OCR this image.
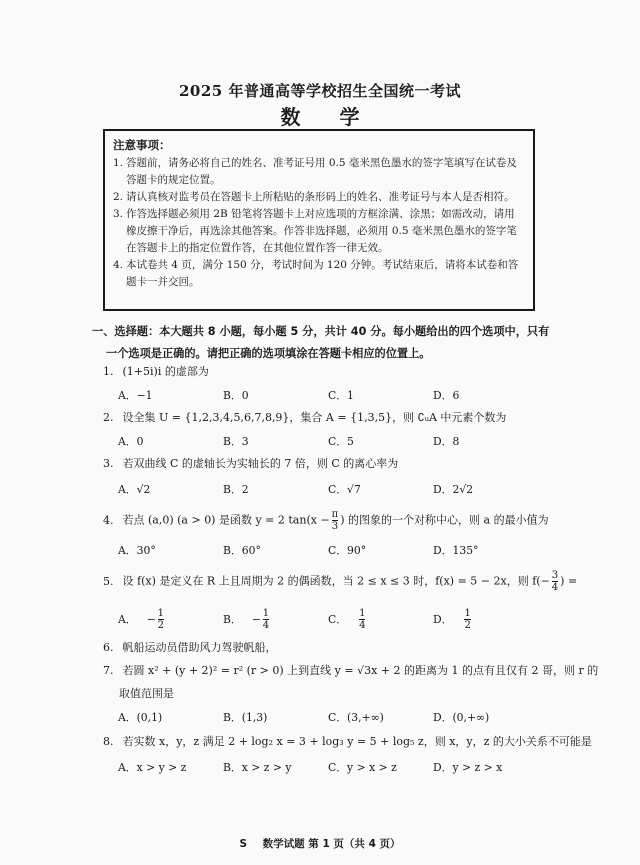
2025 年普通高等学校招生全国统一考试
数 学
注意事项：
1. 答题前，请务必将自己的姓名、准考证号用 0.5 毫米黑色墨水的签字笔填写在试卷及答题卡的规定位置。
2. 请认真核对监考员在答题卡上所粘贴的条形码上的姓名、准考证号与本人是否相符。
3. 作答选择题必须用 2B 铅笔将答题卡上对应选项的方框涂满、涂黑；如需改动，请用橡皮擦干净后，再选涂其他答案。作答非选择题，必须用 0.5 毫米黑色墨水的签字笔在答题卡上的指定位置作答，在其他位置作答一律无效。
4. 本试卷共 4 页，满分 150 分，考试时间为 120 分钟。考试结束后，请将本试卷和答题卡一并交回。
一、选择题：本大题共 8 小题，每小题 5 分，共计 40 分。每小题给出的四个选项中，只有
一个选项是正确的。请把正确的选项填涂在答题卡相应的位置上。
1. (1+5i)i 的虚部为
A．−1	B．0	C．1	D．6
2. 设全集 U = {1,2,3,4,5,6,7,8,9}，集合 A = {1,3,5}，则 ∁ᵤA 中元素个数为
A．0	B．3	C．5	D．8
3. 若双曲线 C 的虚轴长为实轴长的 7 倍，则 C 的离心率为
A．√2	B．2	C．√7	D．2√2
4. 若点 (a,0) (a > 0) 是函数 y = 2 $\tan(x - \frac{\pi}{3}$ ) 的图象的一个对称中心，则 a 的最小值为
A．30°	B．60°	C．90°	D．135°
5. 设 f(x) 是定义在 R 上且周期为 2 的偶函数，当 2 ≤ x ≤ 3 时，f(x) = 5 − 2x，则 $f(- \frac{3}{4}$ ) =
A． − $\frac{1}{2}$	B． − $\frac{1}{4}$	C． $\frac{1}{4}$	D． $\frac{1}{2}$
6. 帆船运动员借助风力驾驶帆船，
7. 若圆 x² + (y + 2)² = r² (r > 0) 上到直线 y = √3x + 2 的距离为 1 的点有且仅有 2 哥，则 r 的
取值范围是
A．(0,1)	B．(1,3)	C．(3,+∞)	D．(0,+∞)
8. 若实数 x，y，z 满足 2 + log₂ x = 3 + log₃ y = 5 + log₅ z，则 x，y，z 的大小关系不可能是
A．x > y > z	B．x > z > y	C．y > x > z	D．y > z > x
S 数学试题 第 1 页（共 4 页）
